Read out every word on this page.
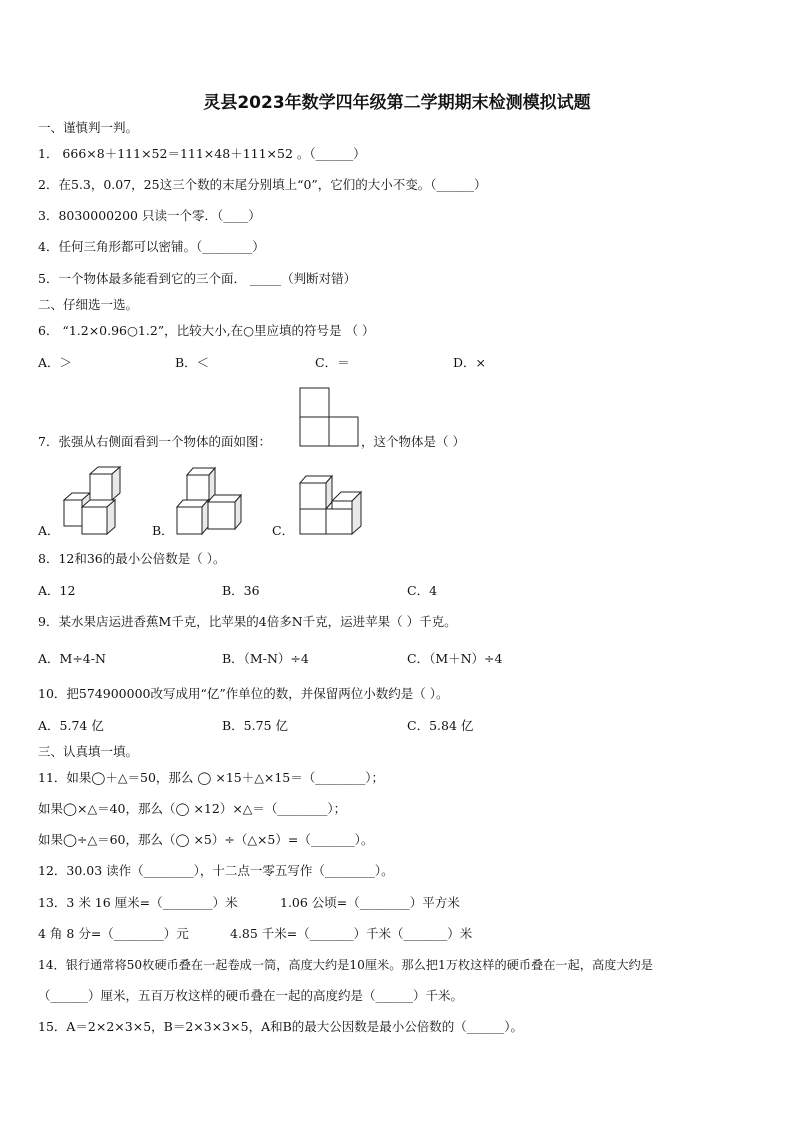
灵县2023年数学四年级第二学期期末检测模拟试题
一、谨慎判一判。
1． 666×8＋111×52＝111×48＋111×52 。（______）
2．在5.3，0.07，25这三个数的末尾分别填上“0”，它们的大小不变。（______）
3．8030000200 只读一个零．（____）
4．任何三角形都可以密铺。（________）
5．一个物体最多能看到它的三个面． _____（判断对错）
二、仔细选一选。
6． “1.2×0.96○1.2”，比较大小,在○里应填的符号是 （ ）
A．＞	B．＜	C．＝	D．×
7．张强从右侧面看到一个物体的面如图：	，这个物体是（ ）
A．	B．	C．
8．12和36的最小公倍数是（ ）。
A．12	B．36	C．4
9．某水果店运进香蕉M千克，比苹果的4倍多N千克，运进苹果（ ）千克。
A．M÷4-N	B．（M-N）÷4	C．（M＋N）÷4
10．把574900000改写成用“亿”作单位的数，并保留两位小数约是（ ）。
A．5.74 亿	B．5.75 亿	C．5.84 亿
三、认真填一填。
11．如果◯＋△＝50，那么 ◯ ×15＋△×15＝（________）；
如果◯×△＝40，那么（◯ ×12）×△＝（________）；
如果◯÷△＝60，那么（◯ ×5）÷（△×5）=（_______）。
12．30.03 读作（________），十二点一零五写作（________）。
13．3 米 16 厘米=（________）米	1.06 公顷=（________）平方米
4 角 8 分=（________）元	4.85 千米=（_______）千米（_______）米
14．银行通常将50枚硬币叠在一起卷成一筒，高度大约是10厘米。那么把1万枚这样的硬币叠在一起，高度大约是
（______）厘米，五百万枚这样的硬币叠在一起的高度约是（______）千米。
15．A＝2×2×3×5，B＝2×3×3×5，A和B的最大公因数是最小公倍数的（______）。
